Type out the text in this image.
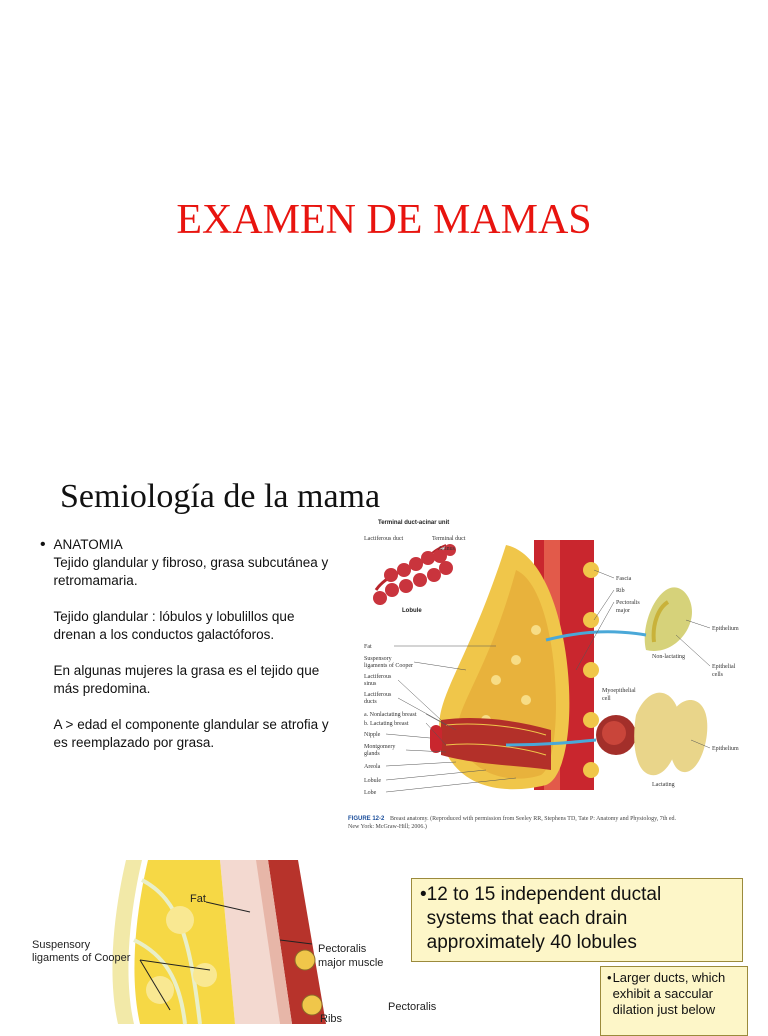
EXAMEN DE MAMAS
Semiología de la mama
• ANATOMIA

Tejido glandular y fibroso, grasa subcutánea y retromamaria.

Tejido glandular : lóbulos y lobulillos que drenan a los conductos galactóforos.

En algunas mujeres la grasa es el tejido que más predomina.

A > edad el componente glandular se atrofia y es reemplazado por grasa.

Terminal duct-acinar unit
Lactiferous duct	Terminal duct
Acinus
Lobule
Fascia
Rib
Pectoralis
major
Epithelium
Non-lactating
Epithelial
cells
Myoepithelial
cell
Epithelium
Lactating
Fat
Suspensory
ligaments of Cooper
Lactiferous
sinus
Lactiferous
ducts
a. Nonlactating breast
b. Lactating breast
Nipple
Montgomery
glands
Areola
Lobule
Lobe
FIGURE 12-2 Breast anatomy. (Reproduced with permission from Seeley RR, Stephens TD, Tate P: Anatomy and Physiology, 7th ed.
New York: McGraw-Hill; 2006.)
Fat
Suspensory
ligaments of Cooper
Pectoralis
major muscle
Ribs
Pectoralis
• 12 to 15 independent ductal systems that each drain approximately 40 lobules
• Larger ducts, which exhibit a saccular dilation just below
